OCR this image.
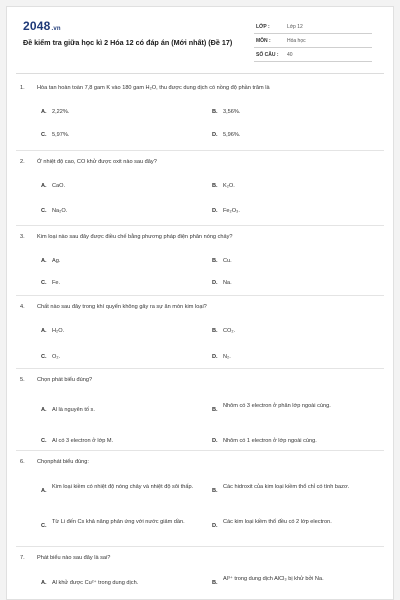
2048.vn
Đề kiểm tra giữa học kì 2 Hóa 12 có đáp án (Mới nhất) (Đề 17)
LỚP :	Lớp 12
MÔN :	Hóa học
SỐ CÂU : 40
1. Hòa tan hoàn toàn 7,8 gam K vào 180 gam H₂O, thu được dung dịch có nồng độ phần trăm là
A. 2,22%.	B. 3,56%.
C. 5,97%.	D. 5,96%.
2. Ở nhiệt độ cao, CO khử được oxit nào sau đây?
A. CaO.	B. K₂O.
C. Na₂O.	D. Fe₂O₃.
3. Kim loại nào sau đây được điều chế bằng phương pháp điện phân nóng chảy?
A. Ag.	B. Cu.
C. Fe.	D. Na.
4. Chất nào sau đây trong khí quyển không gây ra sự ăn mòn kim loại?
A. H₂O.	B. CO₂.
C. O₂.	D. N₂.
5. Chọn phát biểu đúng?
A. Al là nguyên tố s.	B.
Nhôm có 3 electron ở phân lớp ngoài cùng.
C. Al có 3 electron ở lớp M.	D. Nhôm có 1 electron ở lớp ngoài cùng.
6. Chọnphát biểu đúng:
A.
Kim loại kiềm có nhiệt độ nóng chảy và nhiệt độ sôi thấp.
B.
Các hidroxit của kim loại kiềm thổ chỉ có tính bazơ.
C.
Từ Li đến Cs khả năng phản ứng với nước giảm dần.
D.
Các kim loại kiềm thổ đều có 2 lớp electron.
7. Phát biểu nào sau đây là sai?
A. Al khử được Cu²⁺ trong dung dịch.	B.
Al³⁺ trong dung dịch AlCl₃ bị khử bởi Na.
